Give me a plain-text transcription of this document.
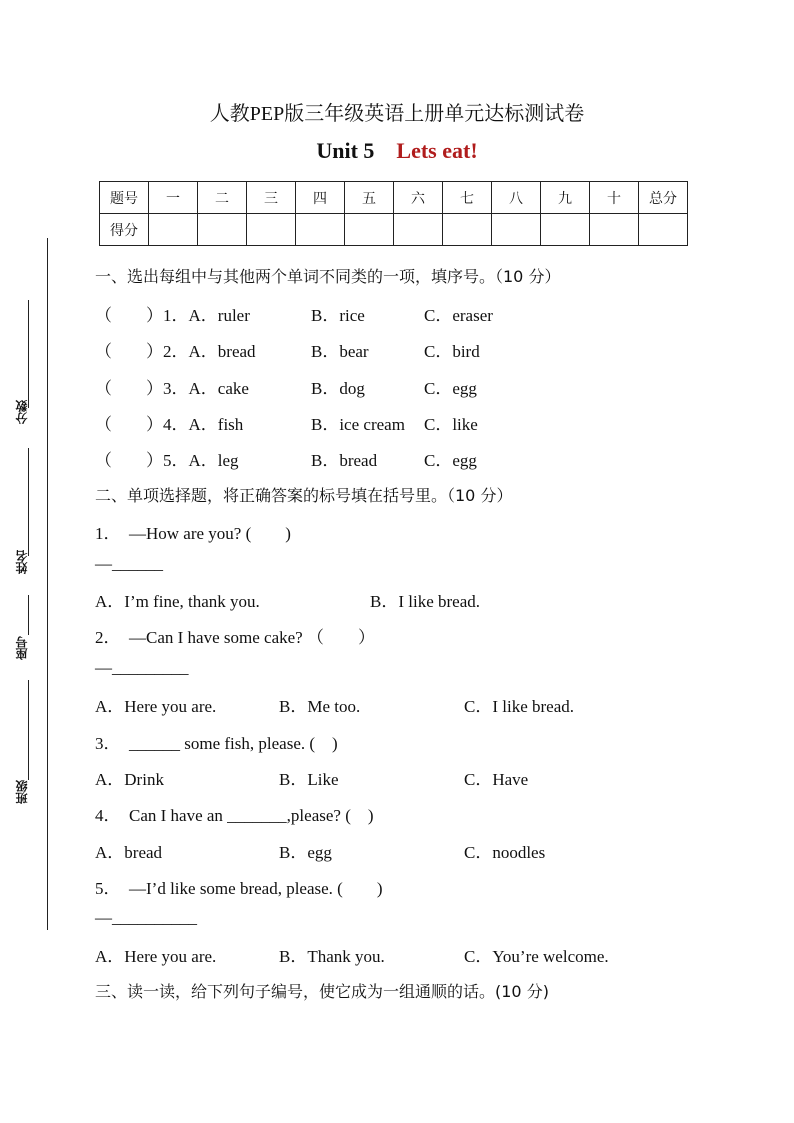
人教PEP版三年级英语上册单元达标测试卷
Unit 5 Lets eat!
题号	一	二	三	四	五	六	七	八	九	十	总分
得分											
分数
姓名
座号
班级
一、选出每组中与其他两个单词不同类的一项，填序号。（10 分）
（　　）1．A．ruler	B．rice	C．eraser
（　　）2．A．bread	B．bear	C．bird
（　　）3．A．cake	B．dog	C．egg
（　　）4．A．fish	B．ice cream C．like
（　　）5．A．leg	B．bread	C．egg
二、单项选择题，将正确答案的标号填在括号里。（10 分）
1．　—How are you? (　　)
—______
A．I’m fine, thank you.	B．I like bread.
2．　—Can I have some cake? （　　）
—_________
A．Here you are.	B．Me too.	C．I like bread.
3．　______ some fish, please. (　)
A．Drink	B．Like	C．Have
4．　Can I have an _______,please? (　)
A．bread	B．egg	C．noodles
5．　—I’d like some bread, please. (　　)
—__________
A．Here you are.	B．Thank you.	C．You’re welcome.
三、读一读，给下列句子编号，使它成为一组通顺的话。(10 分)
